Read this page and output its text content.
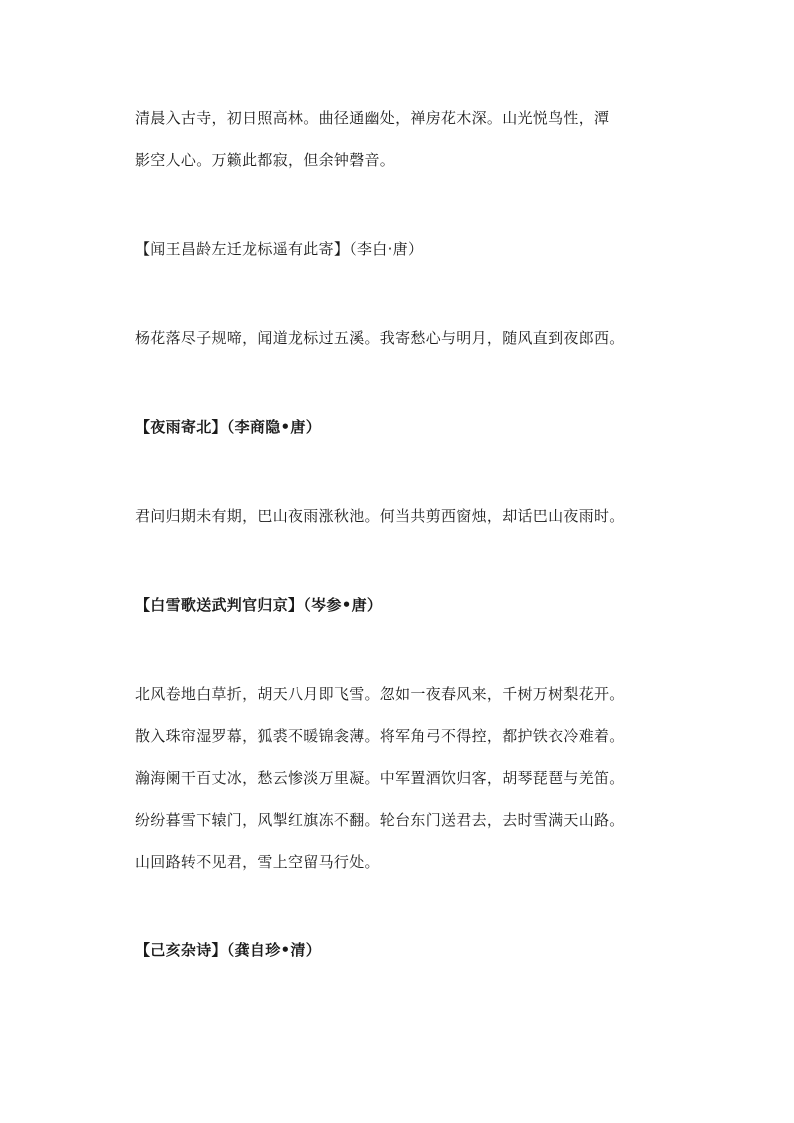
清晨入古寺，初日照高林。曲径通幽处，禅房花木深。山光悦鸟性，潭
影空人心。万籁此都寂，但余钟磬音。
【闻王昌龄左迁龙标遥有此寄】（李白·唐）
杨花落尽子规啼，闻道龙标过五溪。我寄愁心与明月，随风直到夜郎西。
【夜雨寄北】（李商隐•唐）
君问归期未有期，巴山夜雨涨秋池。何当共剪西窗烛，却话巴山夜雨时。
【白雪歌送武判官归京】（岑参•唐）
北风卷地白草折，胡天八月即飞雪。忽如一夜春风来，千树万树梨花开。
散入珠帘湿罗幕，狐裘不暖锦衾薄。将军角弓不得控，都护铁衣冷难着。
瀚海阑干百丈冰，愁云惨淡万里凝。中军置酒饮归客，胡琴琵琶与羌笛。
纷纷暮雪下辕门，风掣红旗冻不翻。轮台东门送君去，去时雪满天山路。
山回路转不见君，雪上空留马行处。
【己亥杂诗】（龚自珍•清）
